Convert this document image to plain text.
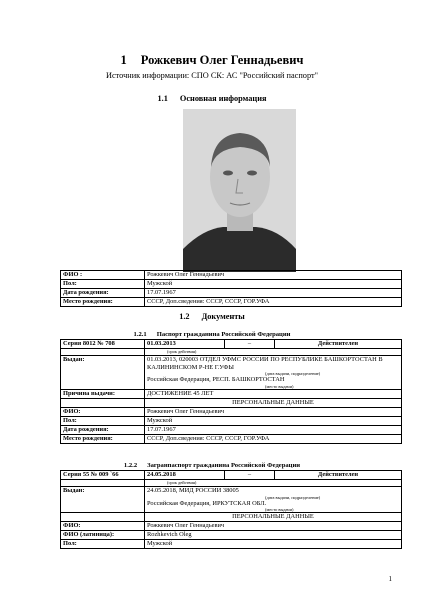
1 Рожкевич Олег Геннадьевич
Источник информации: СПО СК: АС "Российский паспорт"
1.1 Основная информация
ФИО :	Рожкевич Олег Геннадьевич
Пол:	Мужской
Дата рождения:	17.07.1967
Место рождения:	СССР, Доп.сведения: СССР, СССР, ГОР.УФА
1.2 Документы
1.2.1 Паспорт гражданина Российской Федерации
Серия 8012 № 708	01.03.2013	–	Действителен

	(срок действия)		

Выдан:	01.03.2013, 020003 ОТДЕЛ УФМС РОССИИ ПО РЕСПУБЛИКЕ БАШКОРТОСТАН В КАЛИНИНСКОМ Р-НЕ Г.УФЫ
(дата выдачи, подразделение)
Российская Федерация, РЕСП. БАШКОРТОСТАН
(место выдачи)		

Причина выдачи:	ДОСТИЖЕНИЕ 45 ЛЕТ		
	ПЕРСОНАЛЬНЫЕ ДАННЫЕ		
ФИО:	Рожкевич Олег Геннадьевич		
Пол:	Мужской		
Дата рождения:	17.07.1967		
Место рождения:	СССР, Доп.сведения: СССР, СССР, ГОР.УФА		
1.2.2 Загранпаспорт гражданина Российской Федерации
Серия 55 № 009 `66	24.05.2018	–	Действителен

	(срок действия)		

Выдан:	24.05.2018, МИД РОССИИ 38005
(дата выдачи, подразделение)
Российская Федерация, ИРКУТСКАЯ ОБЛ.
(место выдачи)		

	ПЕРСОНАЛЬНЫЕ ДАННЫЕ		
ФИО:	Рожкевич Олег Геннадьевич		
ФИО (латиница):	Rozhkevich Oleg		
Пол:	Мужской		
1
